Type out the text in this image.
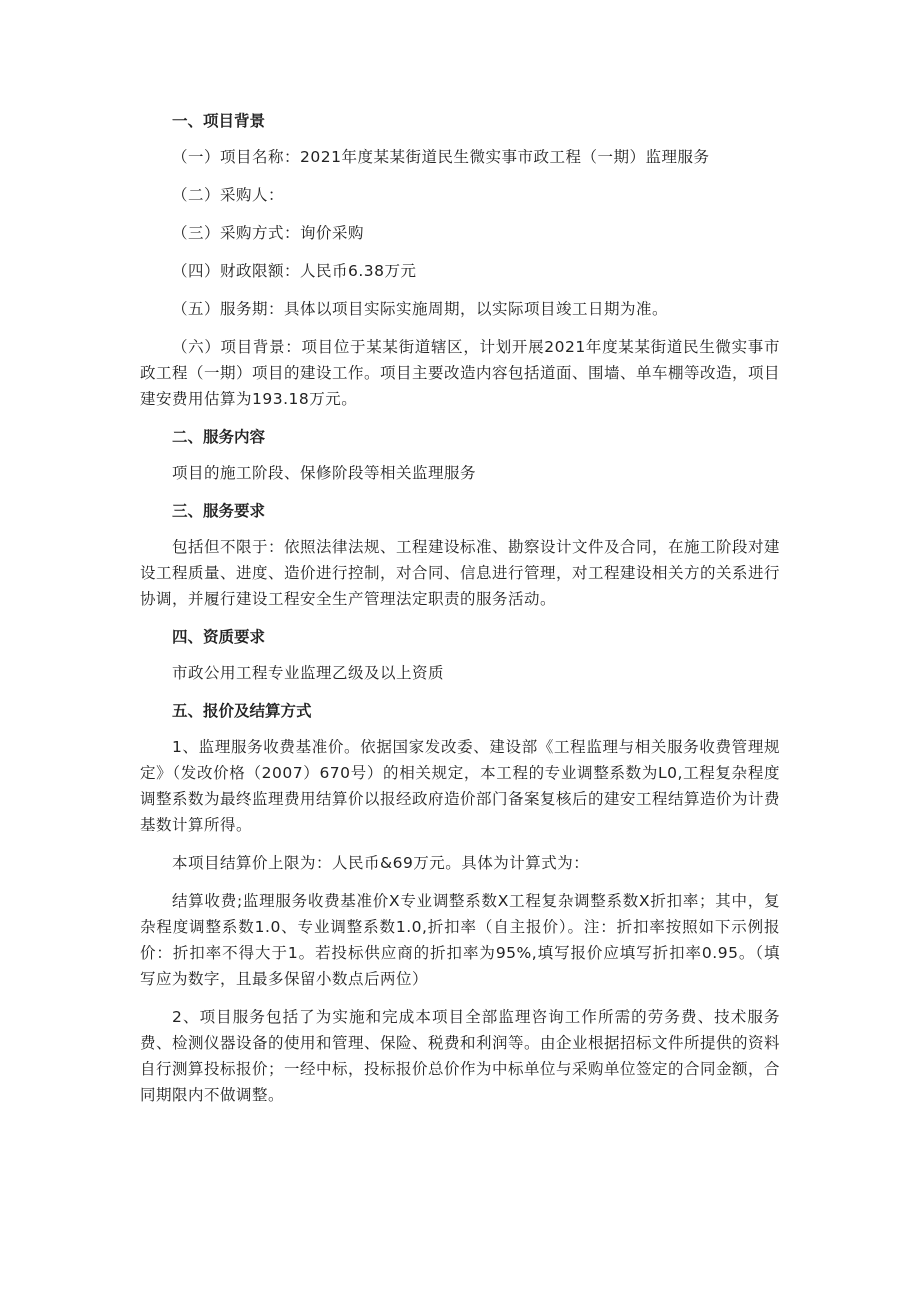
一、项目背景
（一）项目名称：2021年度某某街道民生微实事市政工程（一期）监理服务
（二）采购人：
（三）采购方式：询价采购
（四）财政限额：人民币6.38万元
（五）服务期：具体以项目实际实施周期，以实际项目竣工日期为准。
（六）项目背景：项目位于某某街道辖区，计划开展2021年度某某街道民生微实事市政工程（一期）项目的建设工作。项目主要改造内容包括道面、围墙、单车棚等改造，项目建安费用估算为193.18万元。
二、服务内容
项目的施工阶段、保修阶段等相关监理服务
三、服务要求
包括但不限于：依照法律法规、工程建设标准、勘察设计文件及合同，在施工阶段对建设工程质量、进度、造价进行控制，对合同、信息进行管理，对工程建设相关方的关系进行协调，并履行建设工程安全生产管理法定职责的服务活动。
四、资质要求
市政公用工程专业监理乙级及以上资质
五、报价及结算方式
1、监理服务收费基准价。依据国家发改委、建设部《工程监理与相关服务收费管理规定》（发改价格（2007）670号）的相关规定，本工程的专业调整系数为L0,工程复杂程度调整系数为最终监理费用结算价以报经政府造价部门备案复核后的建安工程结算造价为计费基数计算所得。
本项目结算价上限为：人民币&69万元。具体为计算式为：
结算收费;监理服务收费基准价X专业调整系数X工程复杂调整系数X折扣率；其中，复杂程度调整系数1.0、专业调整系数1.0,折扣率（自主报价）。注：折扣率按照如下示例报价：折扣率不得大于1。若投标供应商的折扣率为95%,填写报价应填写折扣率0.95。（填写应为数字，且最多保留小数点后两位）
2、项目服务包括了为实施和完成本项目全部监理咨询工作所需的劳务费、技术服务费、检测仪器设备的使用和管理、保险、税费和利润等。由企业根据招标文件所提供的资料自行测算投标报价；一经中标，投标报价总价作为中标单位与采购单位签定的合同金额，合同期限内不做调整。
